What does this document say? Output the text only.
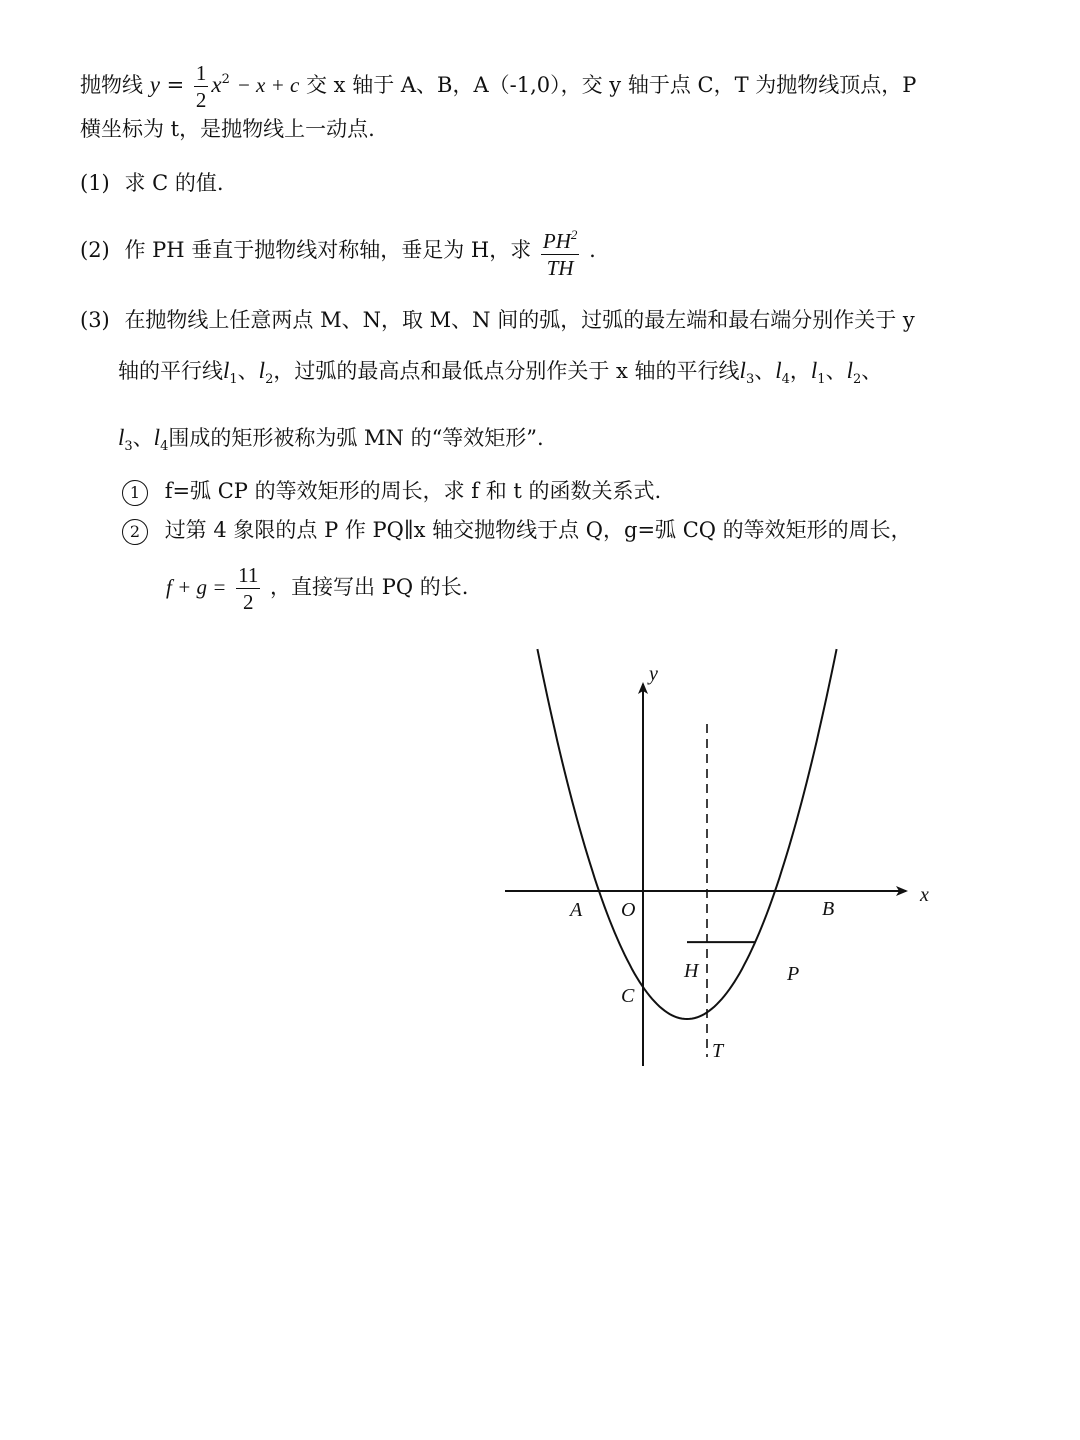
抛物线 $y = \frac{1}{2} x^2 - x + c$ 交 x 轴于 A、B，A（-1,0），交 y 轴于点 C，T 为抛物线顶点，P
横坐标为 t，是抛物线上一动点.
(1) 求 C 的值.
(2) 作 PH 垂直于抛物线对称轴，垂足为 H，求 $\frac{PH^2}{TH}$ .
(3) 在抛物线上任意两点 M、N，取 M、N 间的弧，过弧的最左端和最右端分别作关于 y
轴的平行线$l_1$、$l_2$，过弧的最高点和最低点分别作关于 x 轴的平行线$l_3$、$l_4$，$l_1$、$l_2$、
$l_3$、$l_4$围成的矩形被称为弧 MN 的“等效矩形”.
1 f=弧 CP 的等效矩形的周长，求 f 和 t 的函数关系式.
2 过第 4 象限的点 P 作 PQ∥x 轴交抛物线于点 Q，g=弧 CQ 的等效矩形的周长，
$f + g = \frac{11}{2}$ ，直接写出 PQ 的长.
x
y
A O	B
H	P
C
T
